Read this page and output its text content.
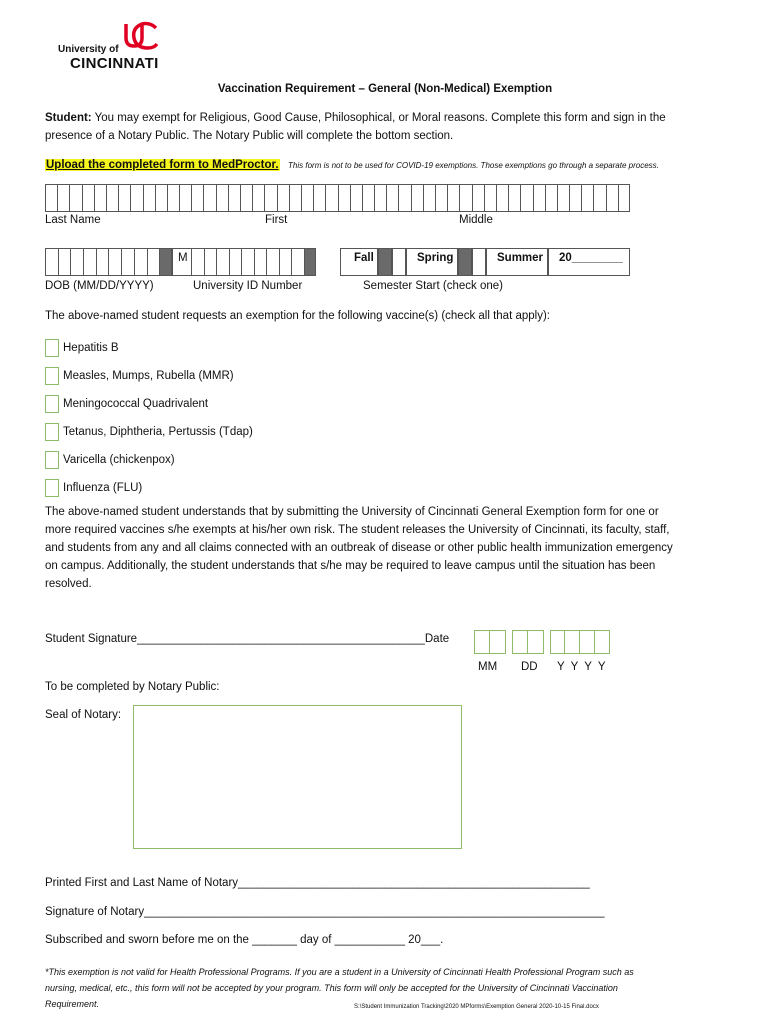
University of
CINCINNATI
Vaccination Requirement – General (Non-Medical) Exemption
Student: You may exempt for Religious, Good Cause, Philosophical, or Moral reasons. Complete this form and sign in the
presence of a Notary Public. The Notary Public will complete the bottom section.
Upload the completed form to MedProctor. This form is not to be used for COVID-19 exemptions. Those exemptions go through a separate process.
Last Name	First	Middle
M	Fall	Spring	Summer	20________
DOB (MM/DD/YYYY)	University ID Number	Semester Start (check one)
The above-named student requests an exemption for the following vaccine(s) (check all that apply):
Hepatitis B
Measles, Mumps, Rubella (MMR)
Meningococcal Quadrivalent
Tetanus, Diphtheria, Pertussis (Tdap)
Varicella (chickenpox)
Influenza (FLU)
The above-named student understands that by submitting the University of Cincinnati General Exemption form for one or
more required vaccines s/he exempts at his/her own risk. The student releases the University of Cincinnati, its faculty, staff,
and students from any and all claims connected with an outbreak of disease or other public health immunization emergency
on campus. Additionally, the student understands that s/he may be required to leave campus until the situation has been
resolved.
Student Signature_____________________________________________Date
MM DD Y  Y  Y  Y
To be completed by Notary Public:
Seal of Notary:
Printed First and Last Name of Notary_______________________________________________________
Signature of Notary________________________________________________________________________
Subscribed and sworn before me on the _______ day of ___________ 20___.
*This exemption is not valid for Health Professional Programs. If you are a student in a University of Cincinnati Health Professional Program such as
nursing, medical, etc., this form will not be accepted by your program. This form will only be accepted for the University of Cincinnati Vaccination
Requirement.	S:\Student Immunization Tracking\2020 MPforms\Exemption General 2020-10-15 Final.docx
